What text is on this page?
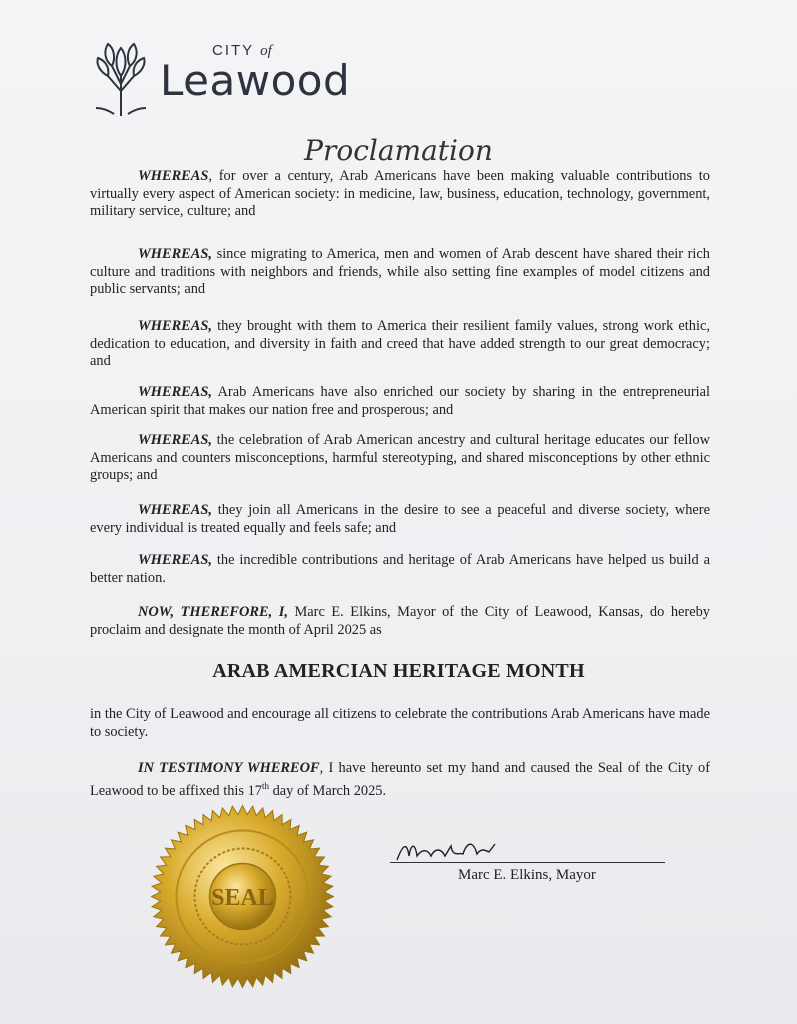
CITY of
Leawood
Proclamation

WHEREAS, for over a century, Arab Americans have been making valuable contributions to virtually every aspect of American society: in medicine, law, business, education, technology, government, military service, culture; and

WHEREAS, since migrating to America, men and women of Arab descent have shared their rich culture and traditions with neighbors and friends, while also setting fine examples of model citizens and public servants; and

WHEREAS, they brought with them to America their resilient family values, strong work ethic, dedication to education, and diversity in faith and creed that have added strength to our great democracy; and

WHEREAS, Arab Americans have also enriched our society by sharing in the entrepreneurial American spirit that makes our nation free and prosperous; and

WHEREAS, the celebration of Arab American ancestry and cultural heritage educates our fellow Americans and counters misconceptions, harmful stereotyping, and shared misconceptions by other ethnic groups; and

WHEREAS, they join all Americans in the desire to see a peaceful and diverse society, where every individual is treated equally and feels safe; and

WHEREAS, the incredible contributions and heritage of Arab Americans have helped us build a better nation.

NOW, THEREFORE, I, Marc E. Elkins, Mayor of the City of Leawood, Kansas, do hereby proclaim and designate the month of April 2025 as

ARAB AMERCIAN HERITAGE MONTH

in the City of Leawood and encourage all citizens to celebrate the contributions Arab Americans have made to society.

IN TESTIMONY WHEREOF, I have hereunto set my hand and caused the Seal of the City of Leawood to be affixed this 17th day of March 2025.

SEAL
Marc E. Elkins, Mayor
